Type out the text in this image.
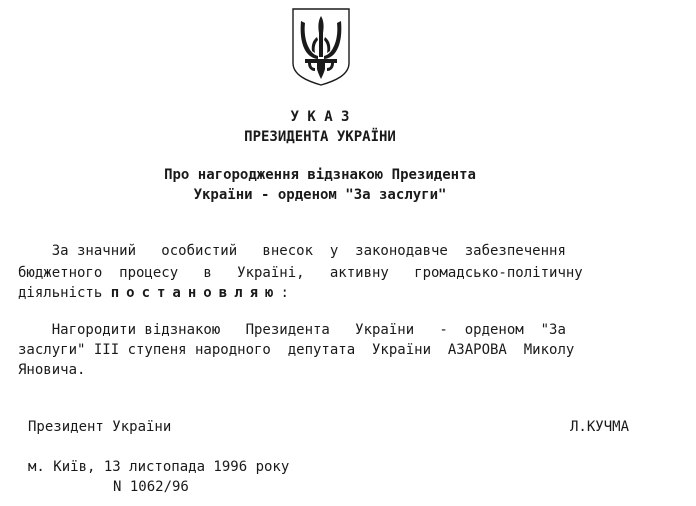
У К А З

ПРЕЗИДЕНТА УКРАЇНИ

Про нагородження відзнакою Президента

України - орденом "За заслуги"

За значний   особистий   внесок  у  законодавче  забезпечення

бюджетного  процесу   в   Україні,   активну   громадсько-політичну

діяльність постановляю:

Нагородити відзнакою   Президента   України   -  орденом  "За

заслуги" III ступеня народного  депутата  України  АЗАРОВА  Миколу

Яновича.

Президент України	Л.КУЧМА

м. Київ, 13 листопада 1996 року

N 1062/96
